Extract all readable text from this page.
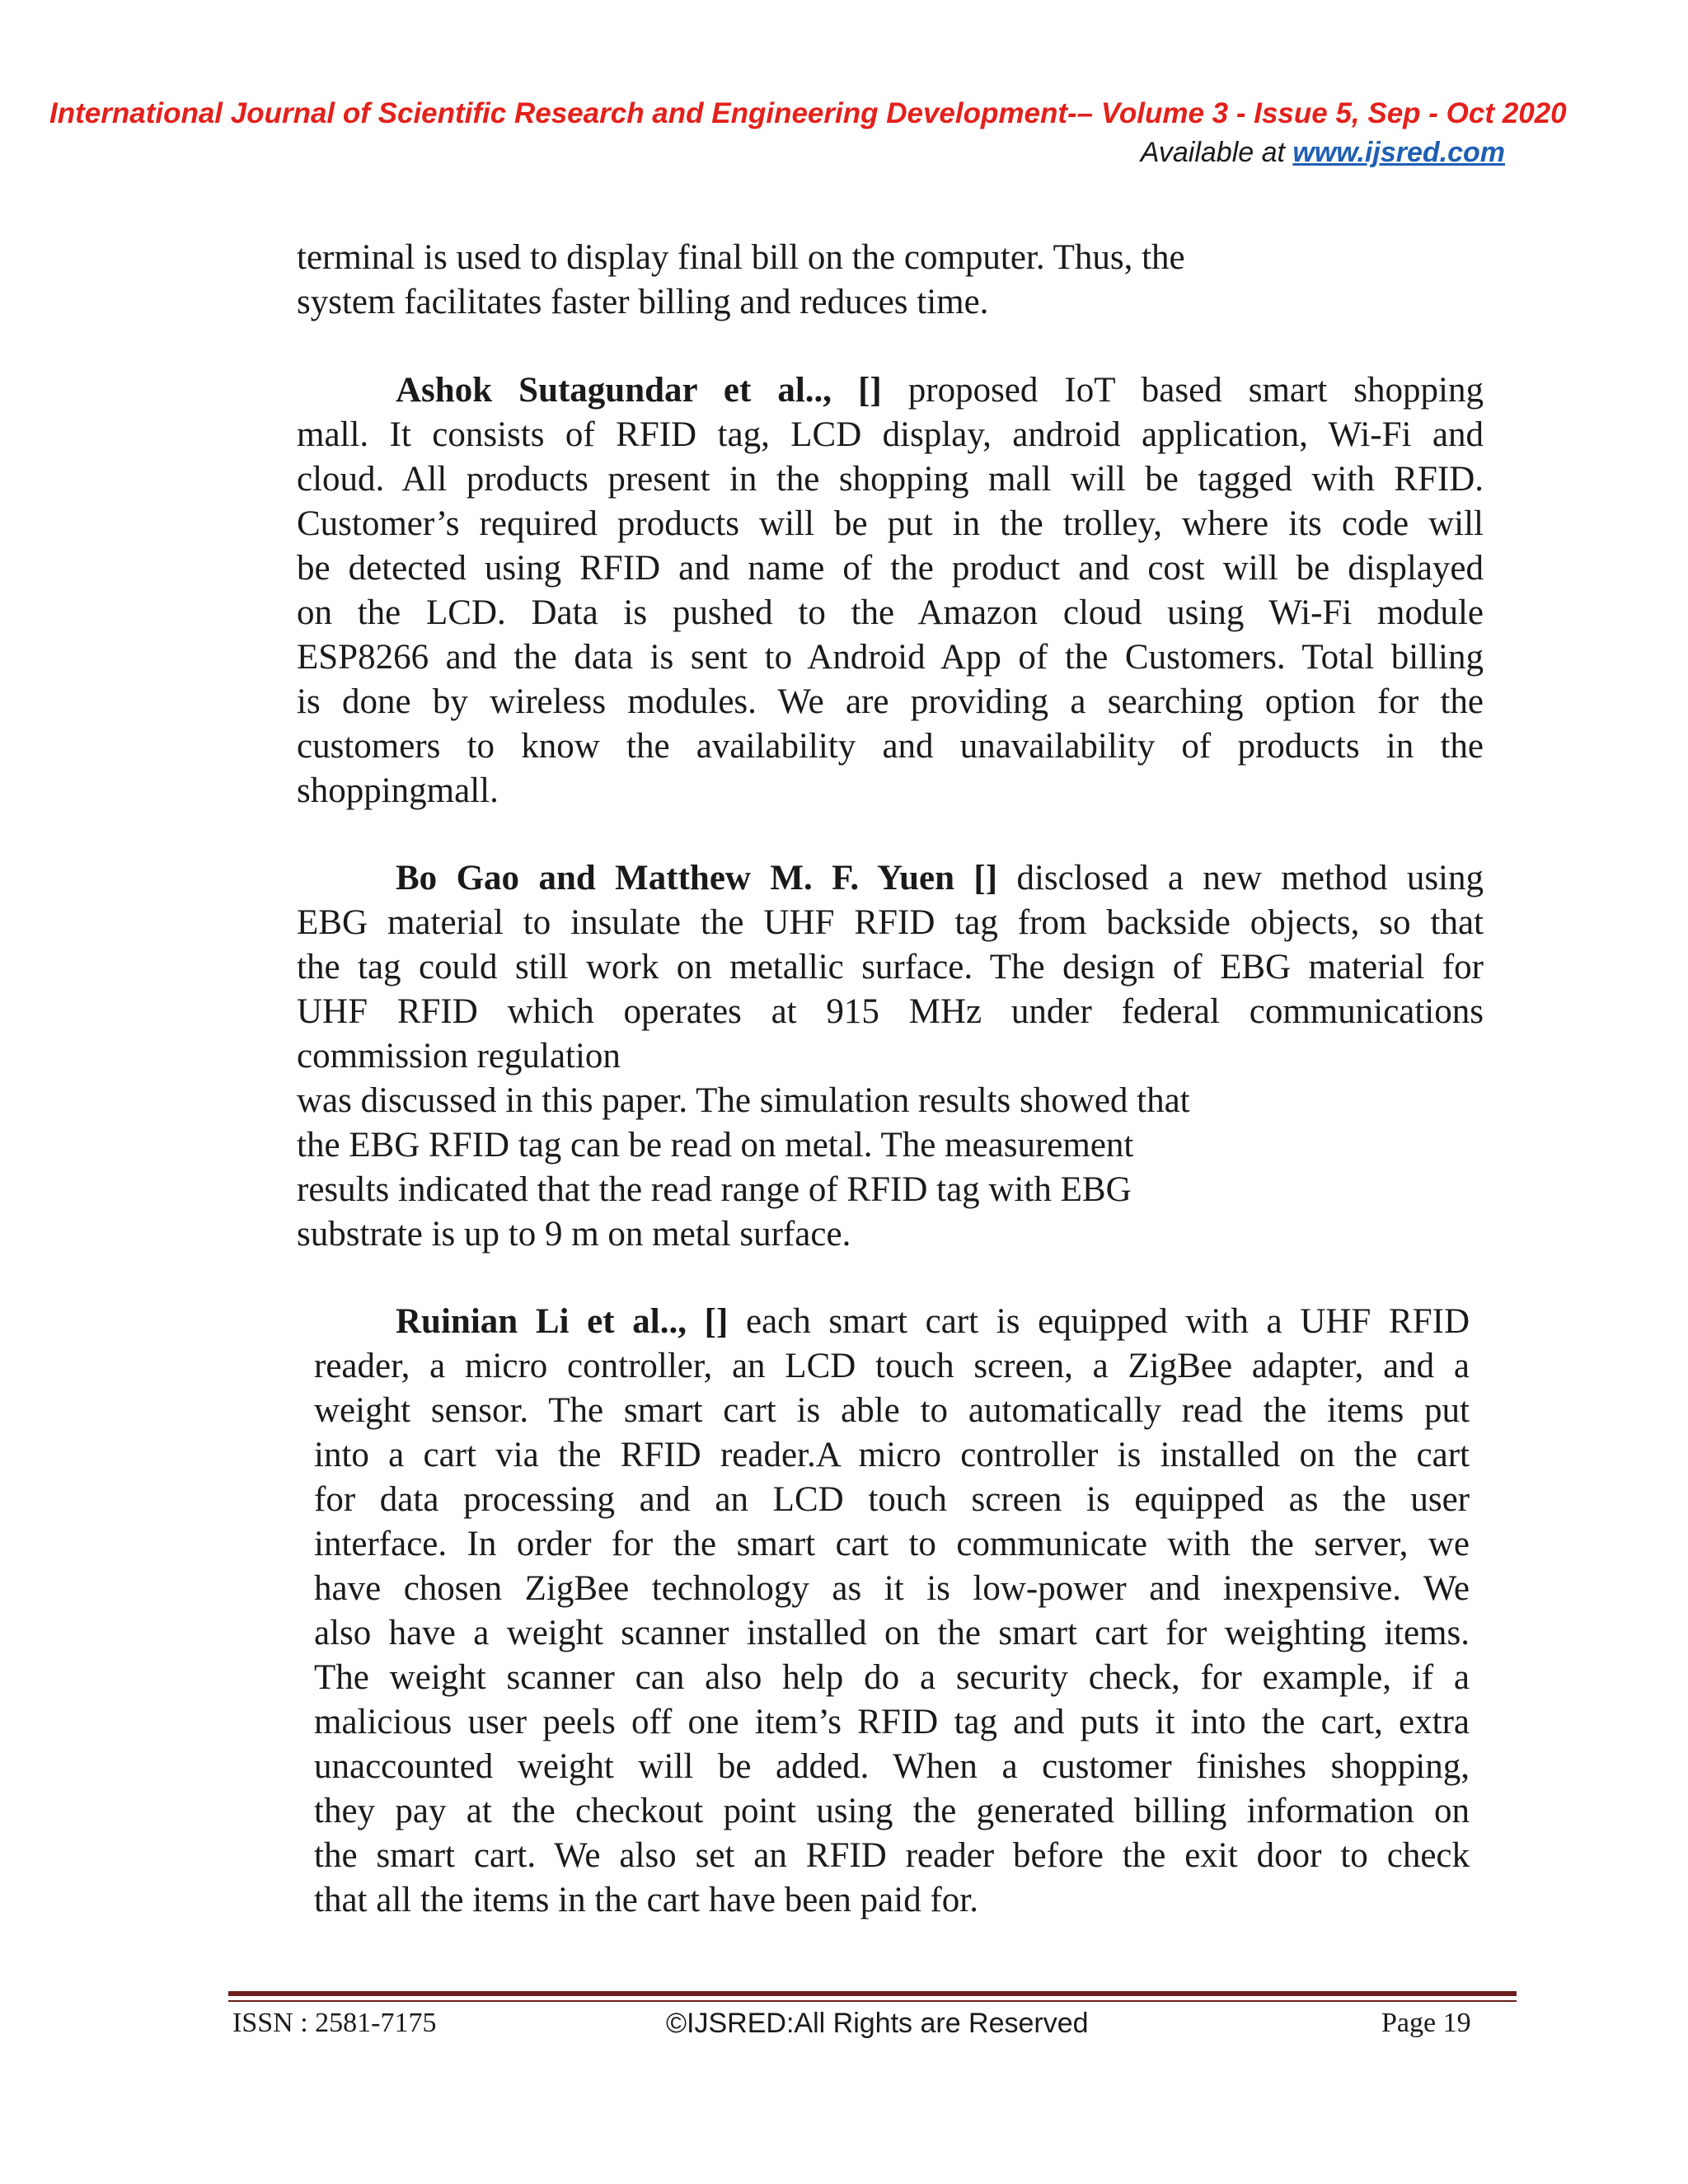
International Journal of Scientific Research and Engineering Development-– Volume 3 - Issue 5, Sep - Oct 2020
Available at www.ijsred.com
terminal is used to display final bill on the computer. Thus, the
system facilitates faster billing and reduces time.
Ashok Sutagundar et al.., [] proposed IoT based smart shopping
mall. It consists of RFID tag, LCD display, android application, Wi-Fi and
cloud. All products present in the shopping mall will be tagged with RFID.
Customer’s required products will be put in the trolley, where its code will
be detected using RFID and name of the product and cost will be displayed
on the LCD. Data is pushed to the Amazon cloud using Wi-Fi module
ESP8266 and the data is sent to Android App of the Customers. Total billing
is done by wireless modules. We are providing a searching option for the
customers to know the availability and unavailability of products in the
shoppingmall.
Bo Gao and Matthew M. F. Yuen [] disclosed a new method using
EBG material to insulate the UHF RFID tag from backside objects, so that
the tag could still work on metallic surface. The design of EBG material for
UHF RFID which operates at 915 MHz under federal communications
commission regulation
was discussed in this paper. The simulation results showed that
the EBG RFID tag can be read on metal. The measurement
results indicated that the read range of RFID tag with EBG
substrate is up to 9 m on metal surface.
Ruinian Li et al.., [] each smart cart is equipped with a UHF RFID
reader, a micro controller, an LCD touch screen, a ZigBee adapter, and a
weight sensor. The smart cart is able to automatically read the items put
into a cart via the RFID reader.A micro controller is installed on the cart
for data processing and an LCD touch screen is equipped as the user
interface. In order for the smart cart to communicate with the server, we
have chosen ZigBee technology as it is low-power and inexpensive. We
also have a weight scanner installed on the smart cart for weighting items.
The weight scanner can also help do a security check, for example, if a
malicious user peels off one item’s RFID tag and puts it into the cart, extra
unaccounted weight will be added. When a customer finishes shopping,
they pay at the checkout point using the generated billing information on
the smart cart. We also set an RFID reader before the exit door to check
that all the items in the cart have been paid for.
ISSN : 2581-7175	©IJSRED:All Rights are Reserved	Page 19
